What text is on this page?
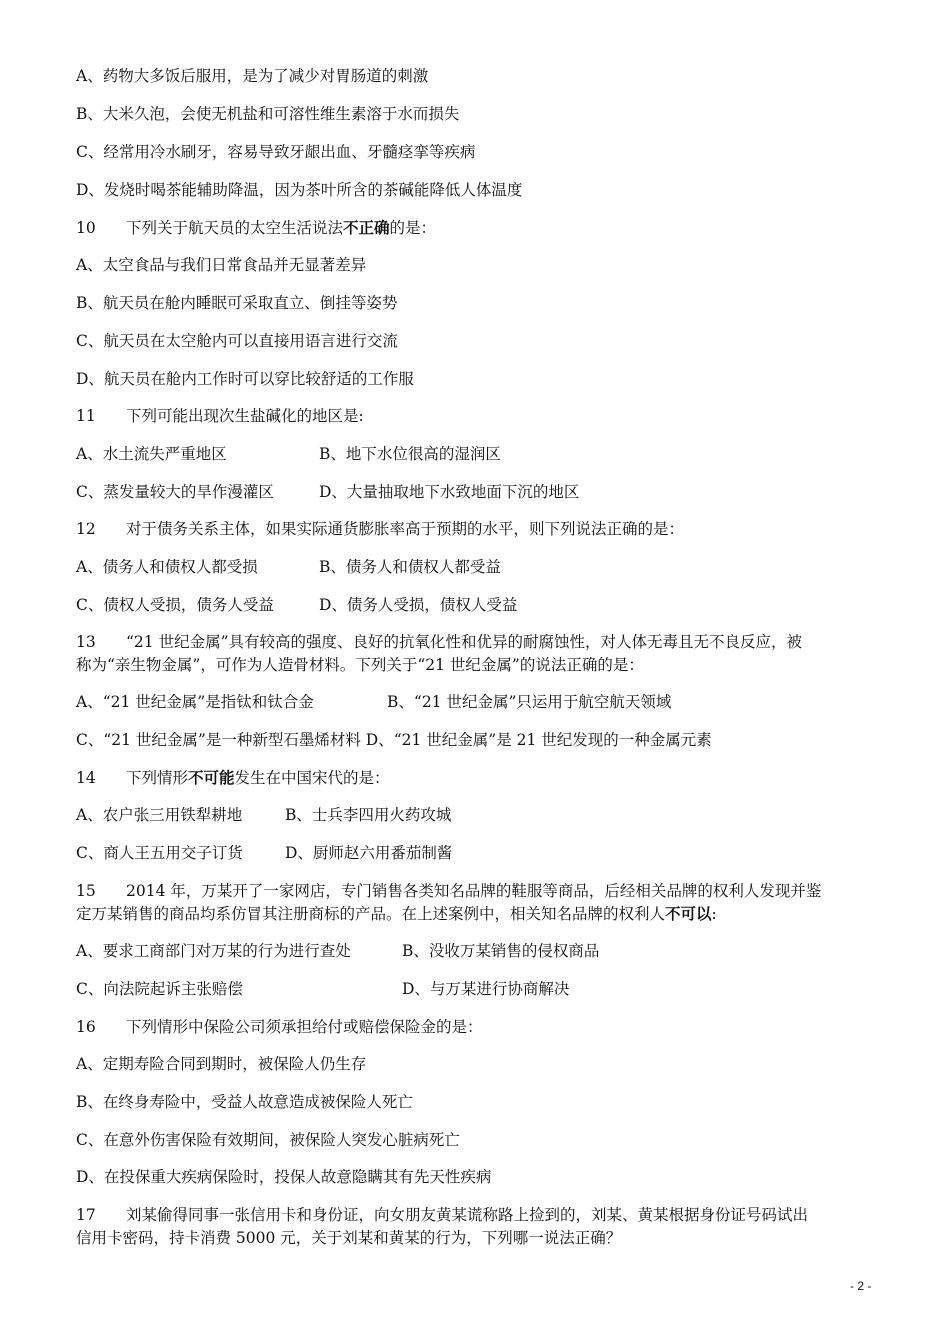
A、药物大多饭后服用，是为了减少对胃肠道的刺激
B、大米久泡，会使无机盐和可溶性维生素溶于水而损失
C、经常用冷水刷牙，容易导致牙龈出血、牙髓痉挛等疾病
D、发烧时喝茶能辅助降温，因为茶叶所含的茶碱能降低人体温度
10 下列关于航天员的太空生活说法不正确的是：
A、太空食品与我们日常食品并无显著差异
B、航天员在舱内睡眠可采取直立、倒挂等姿势
C、航天员在太空舱内可以直接用语言进行交流
D、航天员在舱内工作时可以穿比较舒适的工作服
11 下列可能出现次生盐碱化的地区是:
A、水土流失严重地区	B、地下水位很高的湿润区
C、蒸发量较大的旱作漫灌区	D、大量抽取地下水致地面下沉的地区
12 对于债务关系主体，如果实际通货膨胀率高于预期的水平，则下列说法正确的是：
A、债务人和债权人都受损	B、债务人和债权人都受益
C、债权人受损，债务人受益	D、债务人受损，债权人受益
13 “21 世纪金属”具有较高的强度、良好的抗氧化性和优异的耐腐蚀性，对人体无毒且无不良反应，被
称为“亲生物金属”，可作为人造骨材料。下列关于“21 世纪金属”的说法正确的是：
A、“21 世纪金属”是指钛和钛合金	B、“21 世纪金属”只运用于航空航天领域
C、“21 世纪金属”是一种新型石墨烯材料 D、“21 世纪金属”是 21 世纪发现的一种金属元素
14 下列情形不可能发生在中国宋代的是：
A、农户张三用铁犁耕地	B、士兵李四用火药攻城
C、商人王五用交子订货	D、厨师赵六用番茄制酱
15 2014 年，万某开了一家网店，专门销售各类知名品牌的鞋服等商品，后经相关品牌的权利人发现并鉴
定万某销售的商品均系仿冒其注册商标的产品。在上述案例中，相关知名品牌的权利人不可以:
A、要求工商部门对万某的行为进行查处	B、没收万某销售的侵权商品
C、向法院起诉主张赔偿	D、与万某进行协商解决
16 下列情形中保险公司须承担给付或赔偿保险金的是：
A、定期寿险合同到期时，被保险人仍生存
B、在终身寿险中，受益人故意造成被保险人死亡
C、在意外伤害保险有效期间，被保险人突发心脏病死亡
D、在投保重大疾病保险时，投保人故意隐瞒其有先天性疾病
17 刘某偷得同事一张信用卡和身份证，向女朋友黄某谎称路上捡到的，刘某、黄某根据身份证号码试出
信用卡密码，持卡消费 5000 元，关于刘某和黄某的行为，下列哪一说法正确？
- 2 -
